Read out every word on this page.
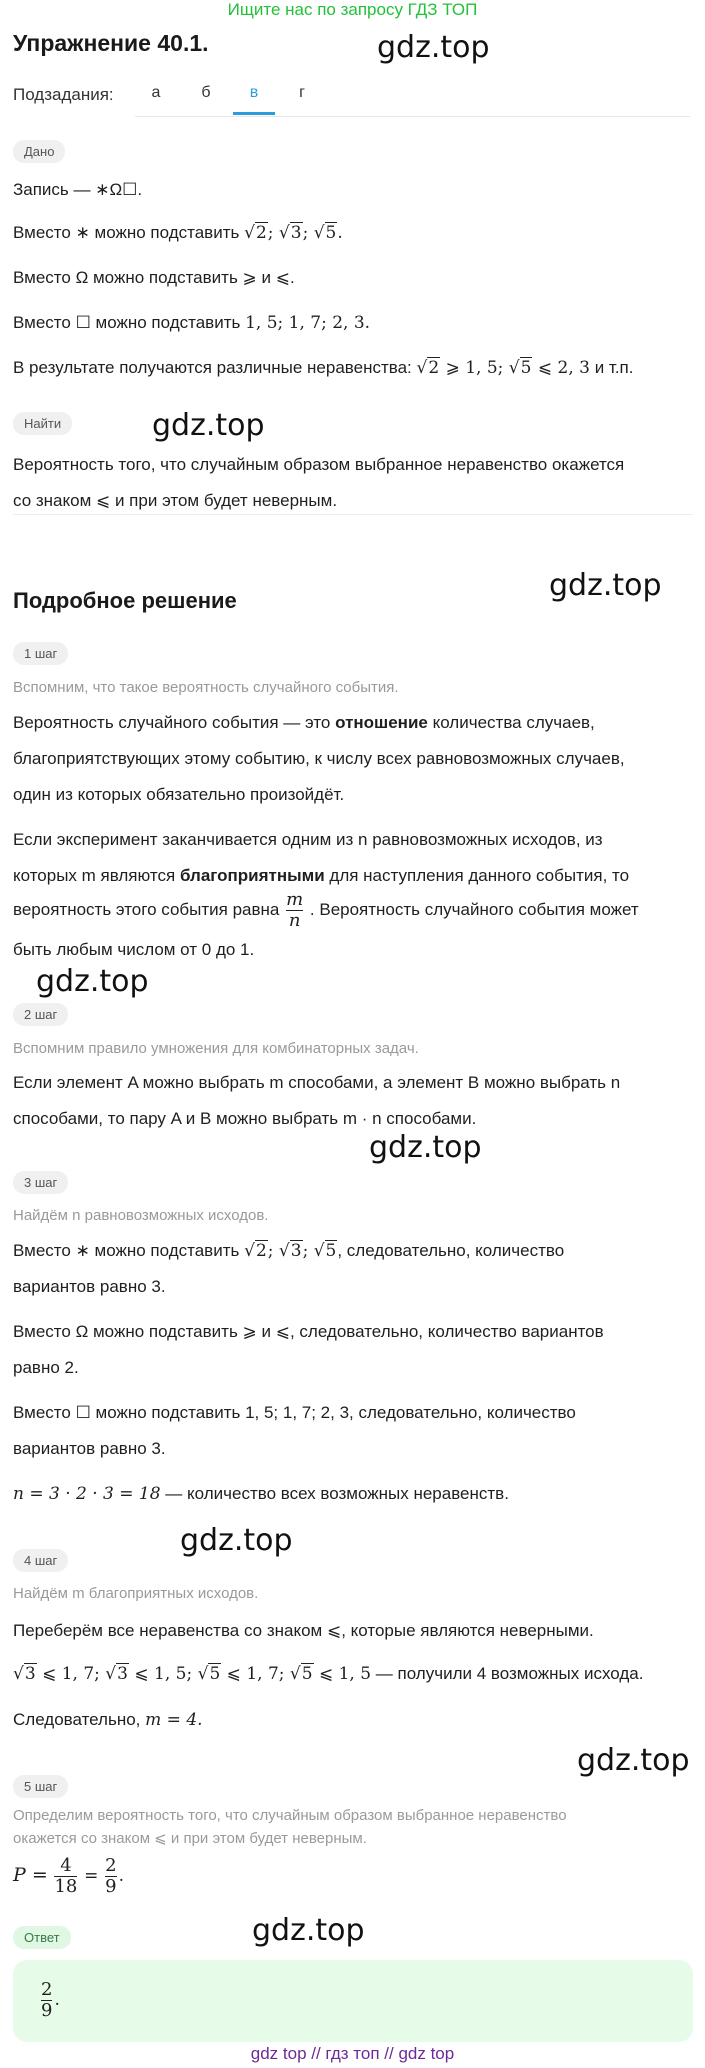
Ищите нас по запросу ГДЗ ТОП
Упражнение 40.1.	gdz.top
Подзадания:	а	б	в	г
Дано
Запись — ∗Ω☐.
Вместо ∗ можно подставить √2; √3; √5.
Вместо Ω можно подставить ⩾ и ⩽.
Вместо ☐ можно подставить 1, 5; 1, 7; 2, 3.
В результате получаются различные неравенства: √2 ⩾ 1, 5; √5 ⩽ 2, 3 и т.п.
Найти	gdz.top
Вероятность того, что случайным образом выбранное неравенство окажется
со знаком ⩽ и при этом будет неверным.
gdz.top
Подробное решение
1 шаг
Вспомним, что такое вероятность случайного события.
Вероятность случайного события — это отношение количества случаев,
благоприятствующих этому событию, к числу всех равновозможных случаев,
один из которых обязательно произойдёт.
Если эксперимент заканчивается одним из n равновозможных исходов, из
которых m являются благоприятными для наступления данного события, то
вероятность этого события равна $\frac{m}{n}$ . Вероятность случайного события может
быть любым числом от 0 до 1.
gdz.top
2 шаг
Вспомним правило умножения для комбинаторных задач.
Если элемент A можно выбрать m способами, а элемент B можно выбрать n
способами, то пару A и B можно выбрать m · n способами.
gdz.top
3 шаг
Найдём n равновозможных исходов.
Вместо ∗ можно подставить √2; √3; √5, следовательно, количество
вариантов равно 3.
Вместо Ω можно подставить ⩾ и ⩽, следовательно, количество вариантов
равно 2.
Вместо ☐ можно подставить 1, 5; 1, 7; 2, 3, следовательно, количество
вариантов равно 3.
n = 3 · 2 · 3 = 18 — количество всех возможных неравенств.
gdz.top
4 шаг
Найдём m благоприятных исходов.
Переберём все неравенства со знаком ⩽, которые являются неверными.
√3 ⩽ 1, 7; √3 ⩽ 1, 5; √5 ⩽ 1, 7; √5 ⩽ 1, 5 — получили 4 возможных исхода.
Следовательно, m = 4.
gdz.top
5 шаг
Определим вероятность того, что случайным образом выбранное неравенство
окажется со знаком ⩽ и при этом будет неверным.
$P = \frac{4}{18} = \frac{2}{9}$ .
Ответ	gdz.top
$\frac{2}{9}$ .
gdz top // гдз топ // gdz top
